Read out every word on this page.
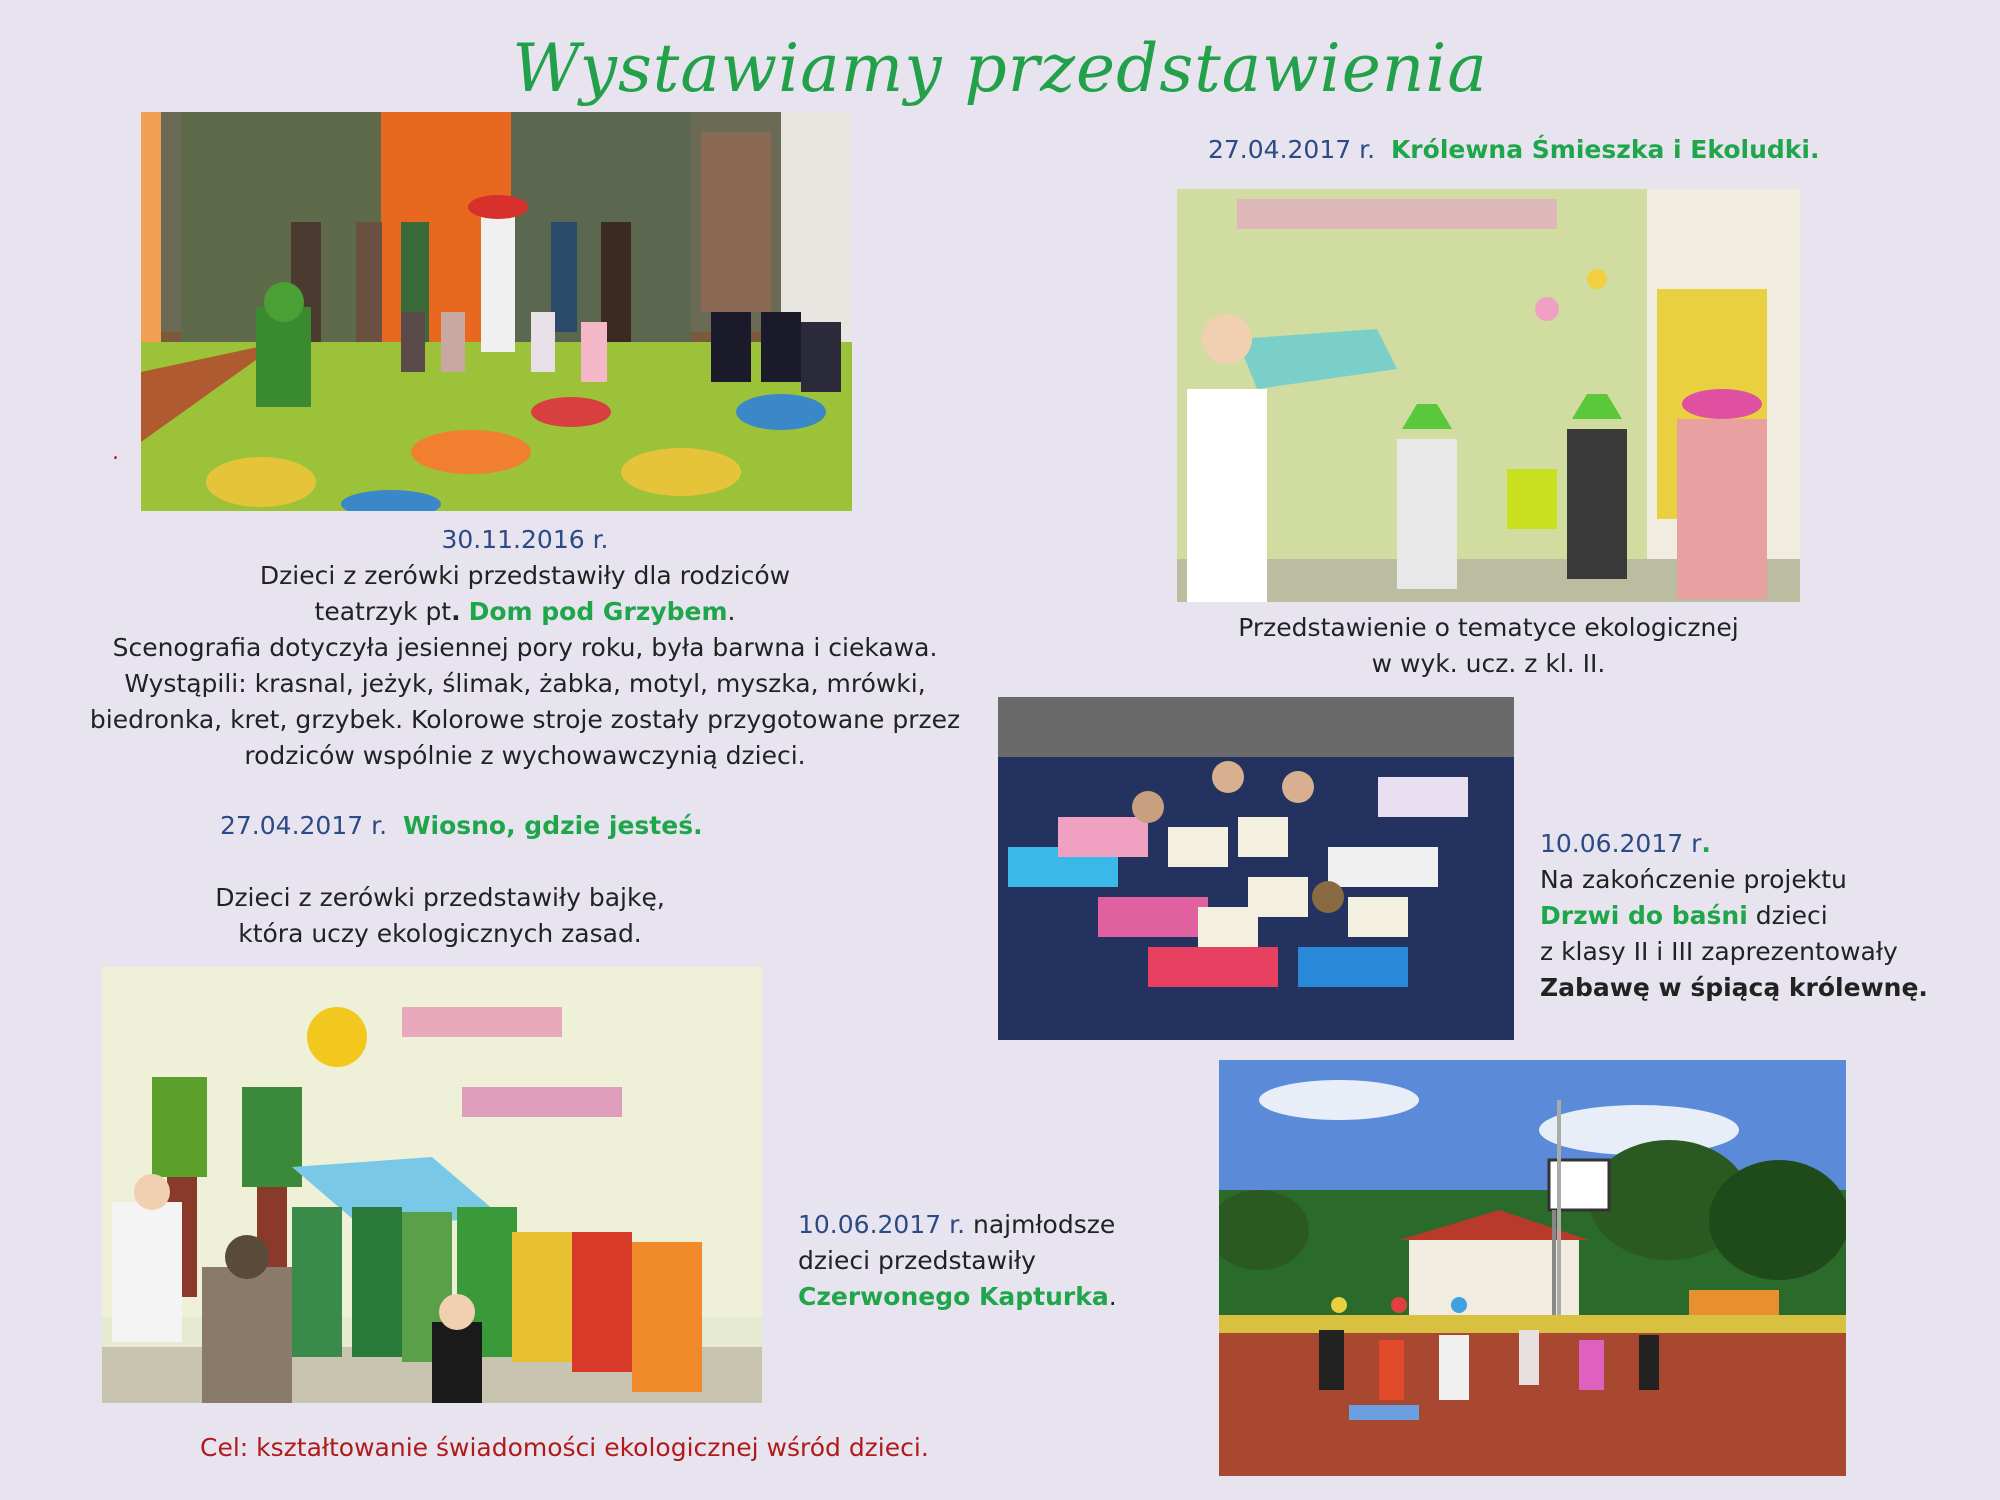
Wystawiamy przedstawienia
.
30.11.2016 r.
Dzieci z zerówki przedstawiły dla rodziców
teatrzyk pt. Dom pod Grzybem.
Scenografia dotyczyła jesiennej pory roku, była barwna i ciekawa.
Wystąpili: krasnal, jeżyk, ślimak, żabka, motyl, myszka, mrówki,
biedronka, kret, grzybek. Kolorowe stroje zostały przygotowane przez
rodziców wspólnie z wychowawczynią dzieci.
27.04.2017 r. Wiosno, gdzie jesteś.
Dzieci z zerówki przedstawiły bajkę,
która uczy ekologicznych zasad.
Cel: kształtowanie świadomości ekologicznej wśród dzieci.
27.04.2017 r. Królewna Śmieszka i Ekoludki.
Przedstawienie o tematyce ekologicznej
w wyk. ucz. z kl. II.
10.06.2017 r.
Na zakończenie projektu
Drzwi do baśni dzieci
z klasy II i III zaprezentowały
Zabawę w śpiącą królewnę.
10.06.2017 r. najmłodsze
dzieci przedstawiły
Czerwonego Kapturka.
